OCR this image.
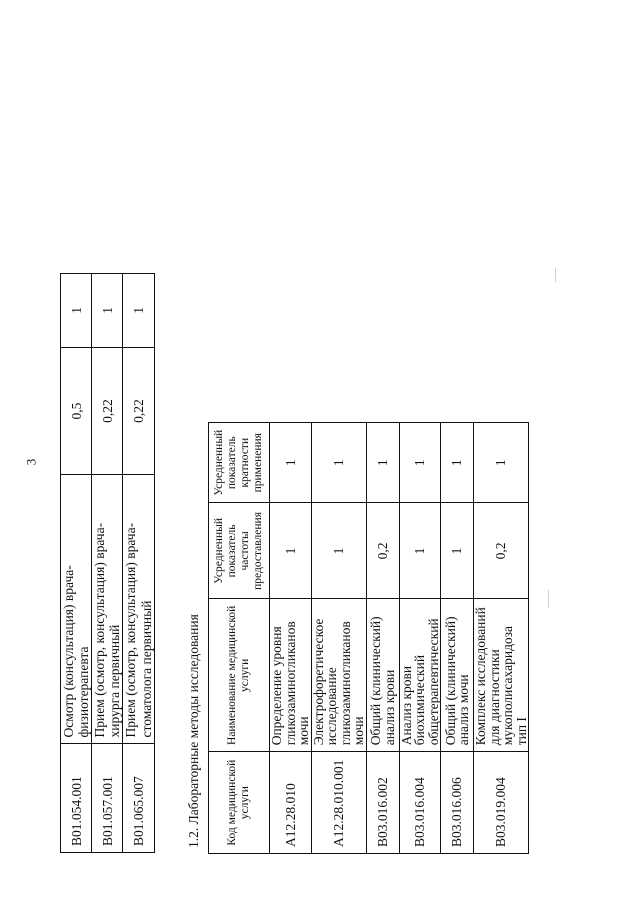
3
B01.054.001	Осмотр (консультация) врача-физиотерапевта	0,5	1
B01.057.001	Прием (осмотр, консультация) врача-хирурга первичный	0,22	1
B01.065.007	Прием (осмотр, консультация) врача-стоматолога первичный	0,22	1
1.2. Лабораторные методы исследования Код медицинской услуги	Наименование медицинской услуги	Усредненный показатель частоты предоставления	Усредненный показатель кратности применения
A12.28.010	Определение уровня гликозаминогликанов мочи	1	1
A12.28.010.001	Электрофоретическое исследование гликозаминогликанов мочи	1	1
B03.016.002	Общий (клинический) анализ крови	0,2	1
B03.016.004	Анализ крови биохимический общетерапевтический	1	1
B03.016.006	Общий (клинический) анализ мочи	1	1
B03.019.004	Комплекс исследований для диагностики мукополисахаридоза тип I	0,2	1
